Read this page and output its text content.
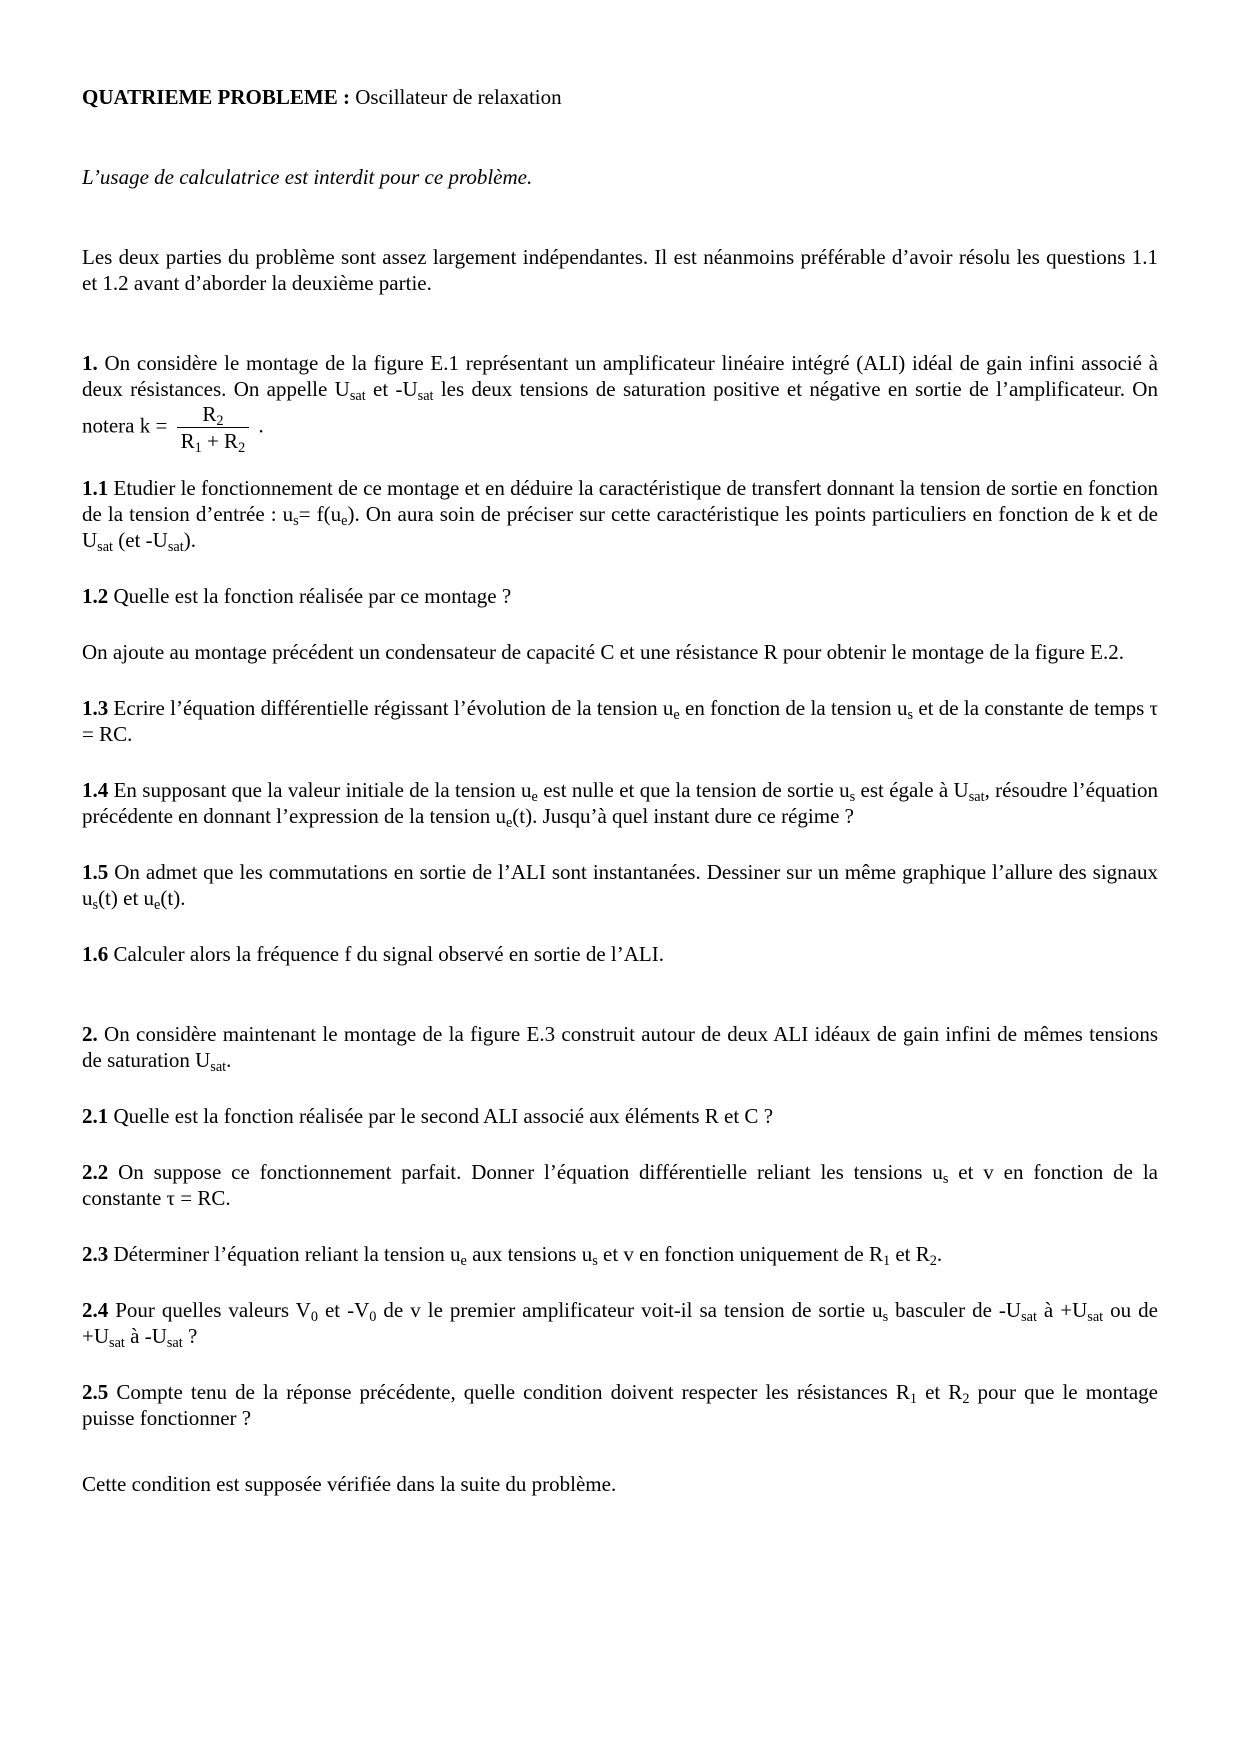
QUATRIEME PROBLEME : Oscillateur de relaxation

L’usage de calculatrice est interdit pour ce problème.

Les deux parties du problème sont assez largement indépendantes. Il est néanmoins préférable d’avoir résolu les questions 1.1 et 1.2 avant d’aborder la deuxième partie.

1. On considère le montage de la figure E.1 représentant un amplificateur linéaire intégré (ALI) idéal de gain infini associé à deux résistances. On appelle $U_{sat}$ et $-U_{sat}$ les deux tensions de saturation positive et négative en sortie de l’amplificateur. On notera $k = \frac{R_2}{R_1 + R_2}$ .

1.1 Etudier le fonctionnement de ce montage et en déduire la caractéristique de transfert donnant la tension de sortie en fonction de la tension d’entrée : $u_s= f(u_e)$. On aura soin de préciser sur cette caractéristique les points particuliers en fonction de k et de $U_{sat}$ (et $-U_{sat}$).

1.2 Quelle est la fonction réalisée par ce montage ?

On ajoute au montage précédent un condensateur de capacité C et une résistance R pour obtenir le montage de la figure E.2.

1.3 Ecrire l’équation différentielle régissant l’évolution de la tension $u_e$ en fonction de la tension $u_s$ et de la constante de temps τ = RC.

1.4 En supposant que la valeur initiale de la tension $u_e$ est nulle et que la tension de sortie $u_s$ est égale à $U_{sat}$, résoudre l’équation précédente en donnant l’expression de la tension $u_e(t)$. Jusqu’à quel instant dure ce régime ?

1.5 On admet que les commutations en sortie de l’ALI sont instantanées. Dessiner sur un même graphique l’allure des signaux $u_s(t)$ et $u_e(t)$.

1.6 Calculer alors la fréquence f du signal observé en sortie de l’ALI.

2. On considère maintenant le montage de la figure E.3 construit autour de deux ALI idéaux de gain infini de mêmes tensions de saturation $U_{sat}$.

2.1 Quelle est la fonction réalisée par le second ALI associé aux éléments R et C ?

2.2 On suppose ce fonctionnement parfait. Donner l’équation différentielle reliant les tensions $u_s$ et v en fonction de la constante τ = RC.

2.3 Déterminer l’équation reliant la tension $u_e$ aux tensions $u_s$ et v en fonction uniquement de $R_1$ et $R_2$.

2.4 Pour quelles valeurs $V_0$ et $-V_0$ de v le premier amplificateur voit-il sa tension de sortie $u_s$ basculer de $-U_{sat}$ à $+U_{sat}$ ou de $+U_{sat}$ à $-U_{sat}$ ?

2.5 Compte tenu de la réponse précédente, quelle condition doivent respecter les résistances $R_1$ et $R_2$ pour que le montage puisse fonctionner ?

Cette condition est supposée vérifiée dans la suite du problème.
